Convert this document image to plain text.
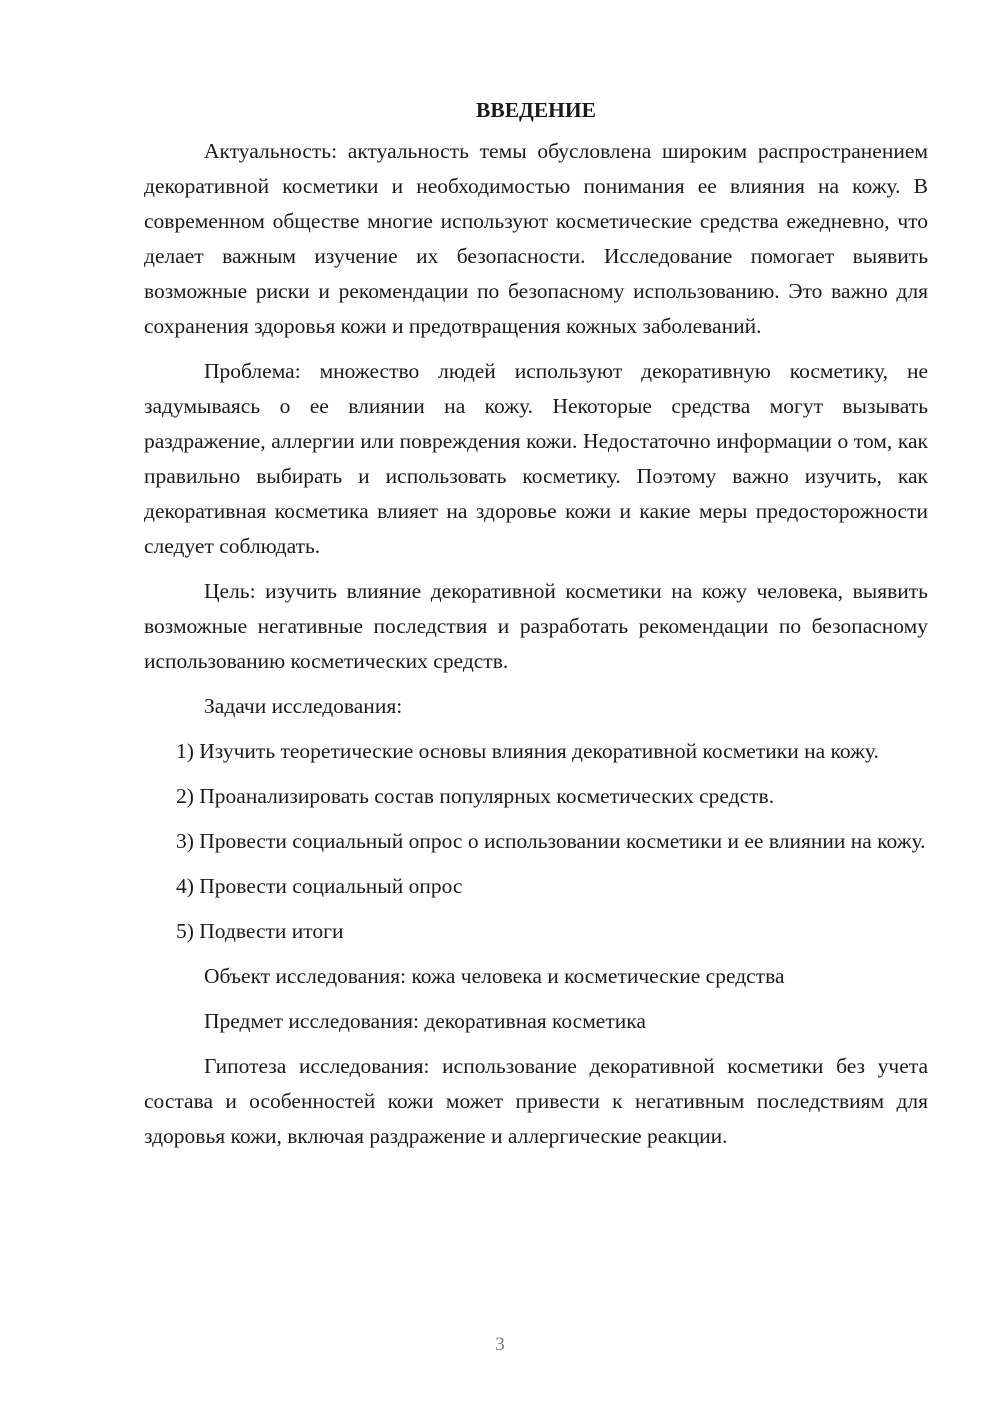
ВВЕДЕНИЕ

Актуальность: актуальность темы обусловлена широким распространением декоративной косметики и необходимостью понимания ее влияния на кожу. В современном обществе многие используют косметические средства ежедневно, что делает важным изучение их безопасности. Исследование помогает выявить возможные риски и рекомендации по безопасному использованию. Это важно для сохранения здоровья кожи и предотвращения кожных заболеваний.

Проблема: множество людей используют декоративную косметику, не задумываясь о ее влиянии на кожу. Некоторые средства могут вызывать раздражение, аллергии или повреждения кожи. Недостаточно информации о том, как правильно выбирать и использовать косметику. Поэтому важно изучить, как декоративная косметика влияет на здоровье кожи и какие меры предосторожности следует соблюдать.

Цель: изучить влияние декоративной косметики на кожу человека, выявить возможные негативные последствия и разработать рекомендации по безопасному использованию косметических средств.

Задачи исследования:

1) Изучить теоретические основы влияния декоративной косметики на кожу.

2) Проанализировать состав популярных косметических средств.

3) Провести социальный опрос о использовании косметики и ее влиянии на кожу.

4) Провести социальный опрос

5) Подвести итоги

Объект исследования: кожа человека и косметические средства

Предмет исследования: декоративная косметика

Гипотеза исследования: использование декоративной косметики без учета состава и особенностей кожи может привести к негативным последствиям для здоровья кожи, включая раздражение и аллергические реакции.

3
